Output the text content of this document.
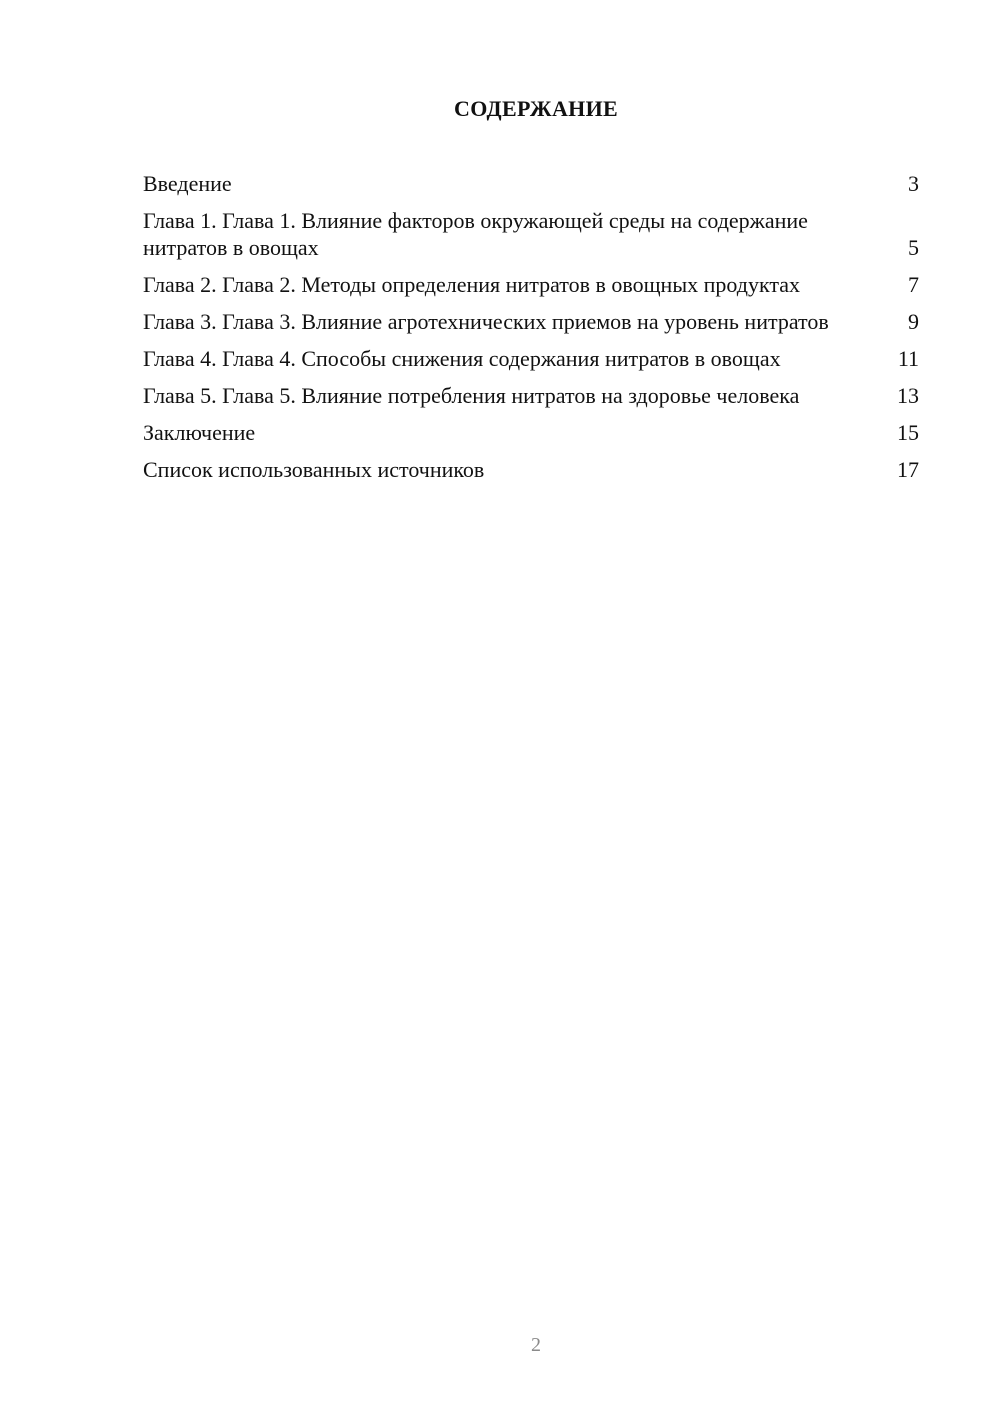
СОДЕРЖАНИЕ
Введение	3
Глава 1. Глава 1. Влияние факторов окружающей среды на содержание нитратов в овощах	5
Глава 2. Глава 2. Методы определения нитратов в овощных продуктах	7
Глава 3. Глава 3. Влияние агротехнических приемов на уровень нитратов	9
Глава 4. Глава 4. Способы снижения содержания нитратов в овощах	11
Глава 5. Глава 5. Влияние потребления нитратов на здоровье человека	13
Заключение	15
Список использованных источников	17
2
